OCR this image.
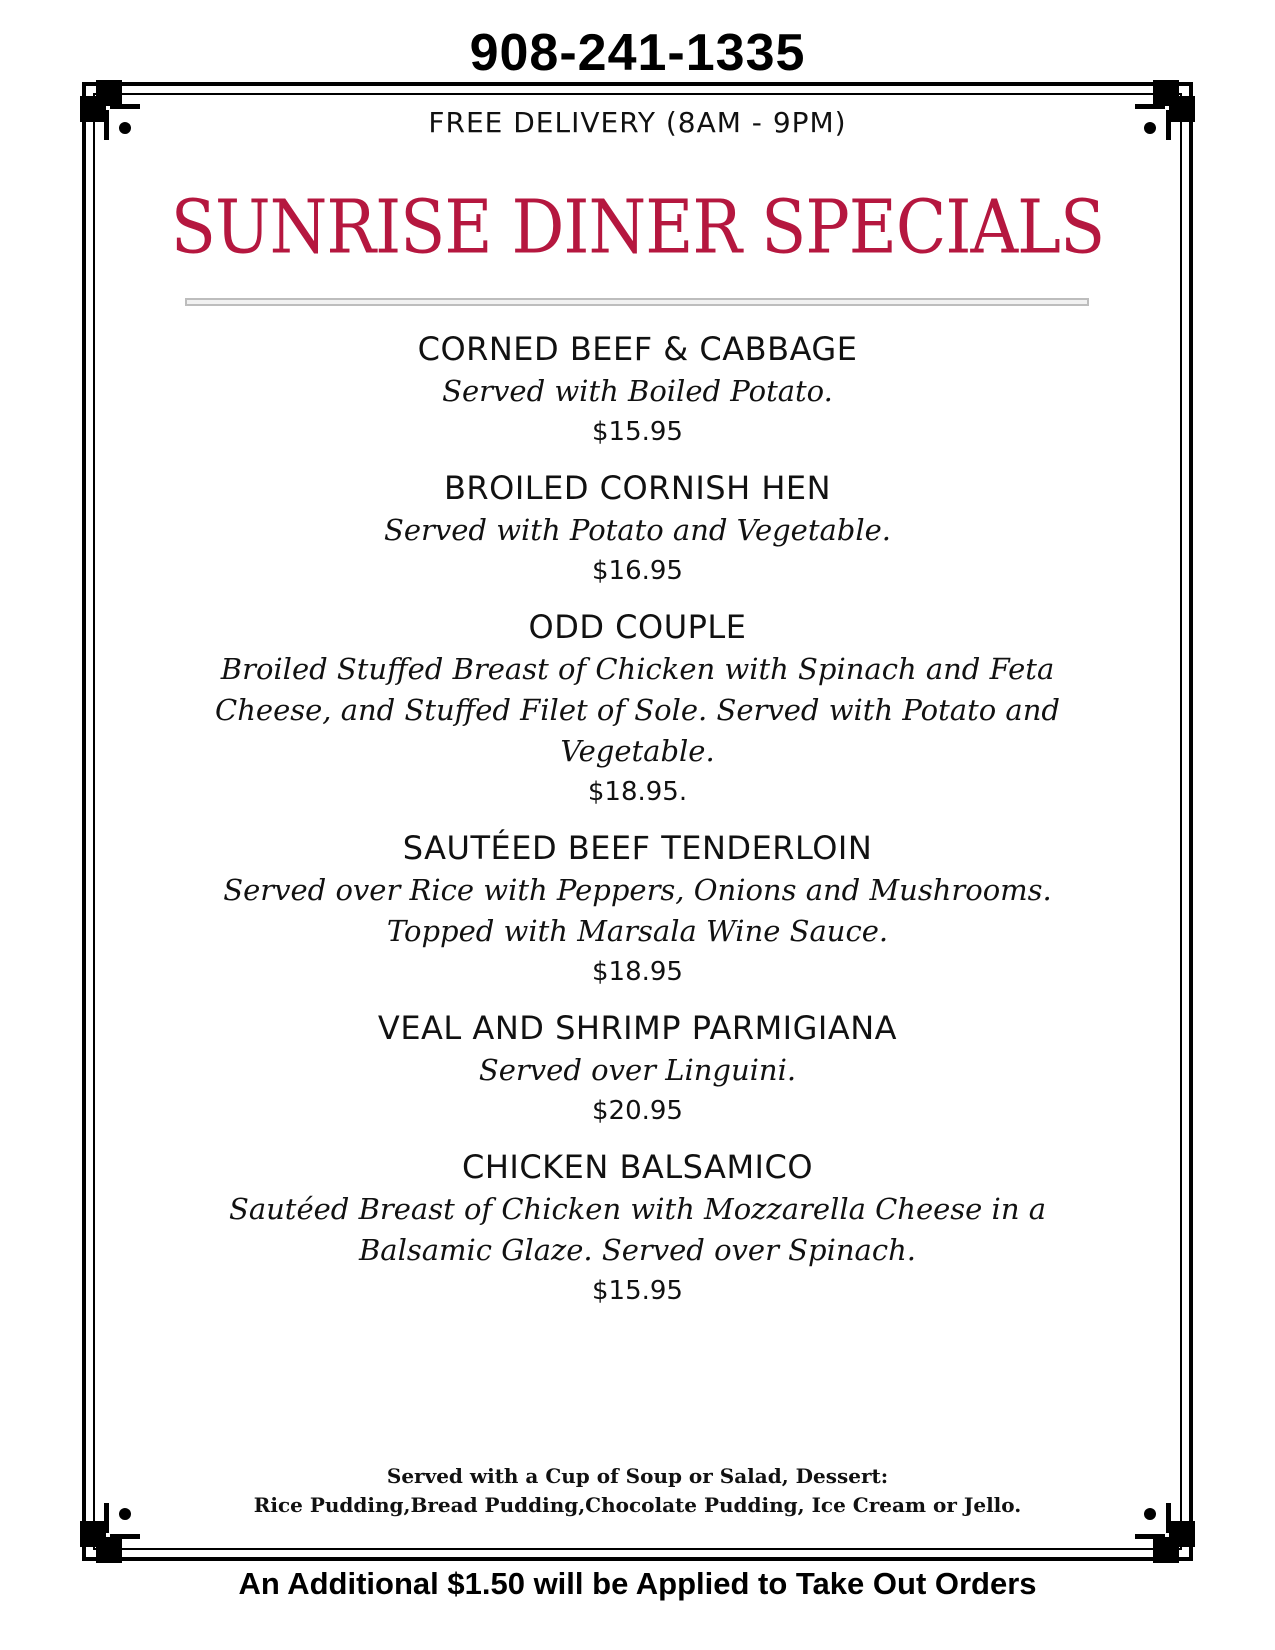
908-241-1335
FREE DELIVERY (8AM - 9PM)
SUNRISE DINER SPECIALS
CORNED BEEF & CABBAGE
Served with Boiled Potato.
$15.95
BROILED CORNISH HEN
Served with Potato and Vegetable.
$16.95
ODD COUPLE
Broiled Stuffed Breast of Chicken with Spinach and Feta
Cheese, and Stuffed Filet of Sole. Served with Potato and
Vegetable.
$18.95.
SAUTÉED BEEF TENDERLOIN
Served over Rice with Peppers, Onions and Mushrooms.
Topped with Marsala Wine Sauce.
$18.95
VEAL AND SHRIMP PARMIGIANA
Served over Linguini.
$20.95
CHICKEN BALSAMICO
Sautéed Breast of Chicken with Mozzarella Cheese in a
Balsamic Glaze. Served over Spinach.
$15.95
Served with a Cup of Soup or Salad, Dessert:
Rice Pudding,Bread Pudding,Chocolate Pudding, Ice Cream or Jello.
An Additional $1.50 will be Applied to Take Out Orders
